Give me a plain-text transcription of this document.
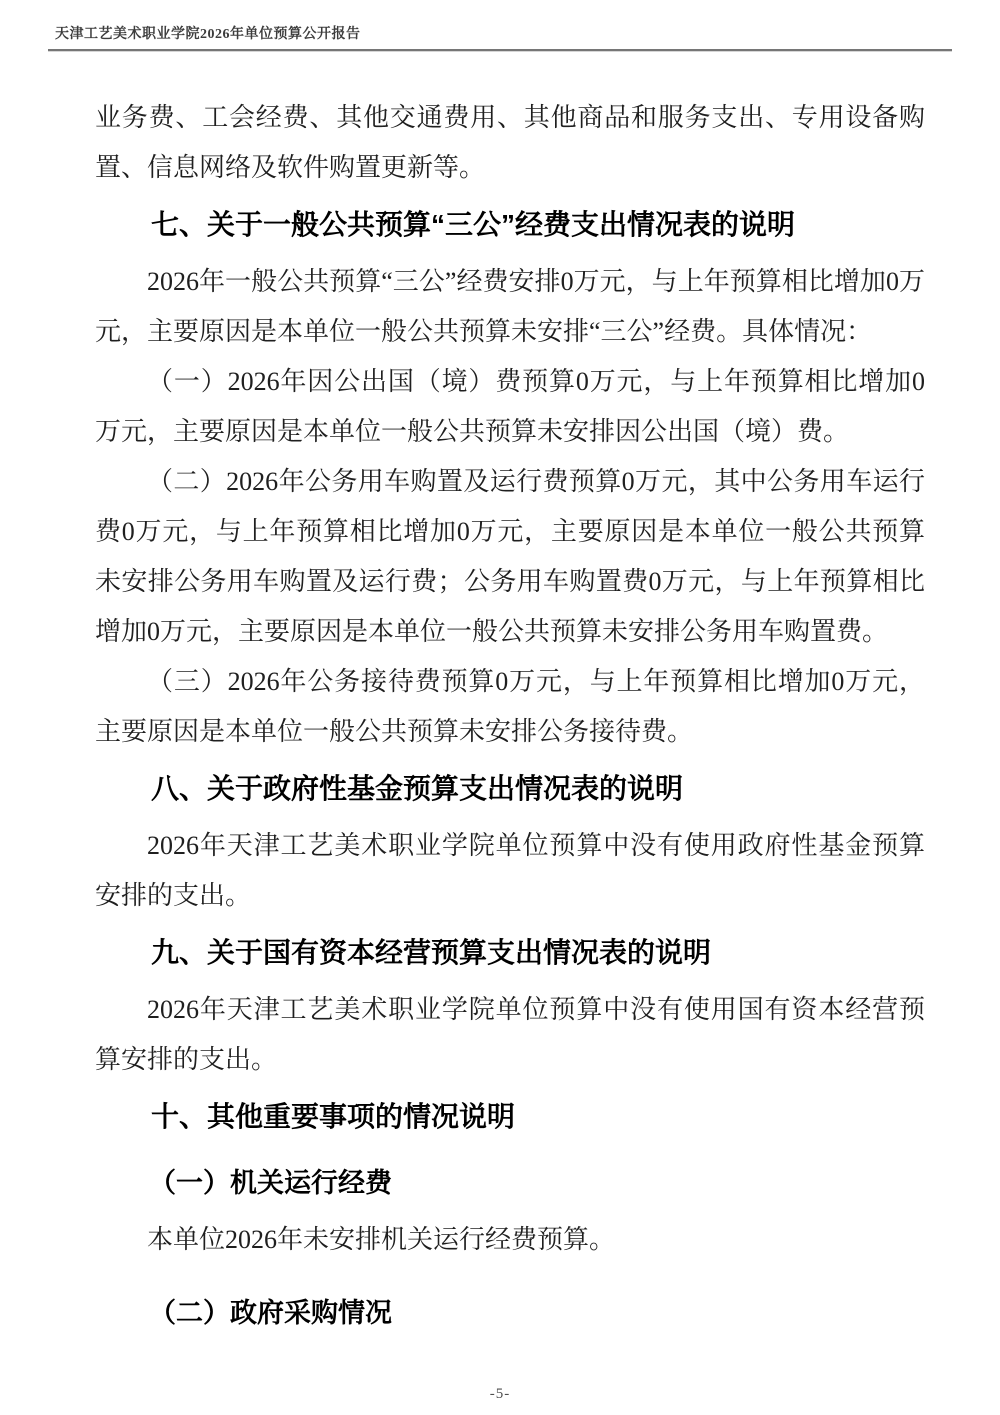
天津工艺美术职业学院2026年单位预算公开报告

业务费、工会经费、其他交通费用、其他商品和服务支出、专用设备购置、信息网络及软件购置更新等。

七、关于一般公共预算“三公”经费支出情况表的说明

2026年一般公共预算“三公”经费安排0万元，与上年预算相比增加0万元，主要原因是本单位一般公共预算未安排“三公”经费。具体情况：

（一）2026年因公出国（境）费预算0万元，与上年预算相比增加0万元，主要原因是本单位一般公共预算未安排因公出国（境）费。

（二）2026年公务用车购置及运行费预算0万元，其中公务用车运行费0万元，与上年预算相比增加0万元，主要原因是本单位一般公共预算未安排公务用车购置及运行费；公务用车购置费0万元，与上年预算相比增加0万元，主要原因是本单位一般公共预算未安排公务用车购置费。

（三）2026年公务接待费预算0万元，与上年预算相比增加0万元，主要原因是本单位一般公共预算未安排公务接待费。

八、关于政府性基金预算支出情况表的说明

2026年天津工艺美术职业学院单位预算中没有使用政府性基金预算安排的支出。

九、关于国有资本经营预算支出情况表的说明

2026年天津工艺美术职业学院单位预算中没有使用国有资本经营预算安排的支出。

十、其他重要事项的情况说明
（一）机关运行经费

本单位2026年未安排机关运行经费预算。

（二）政府采购情况
-5-
